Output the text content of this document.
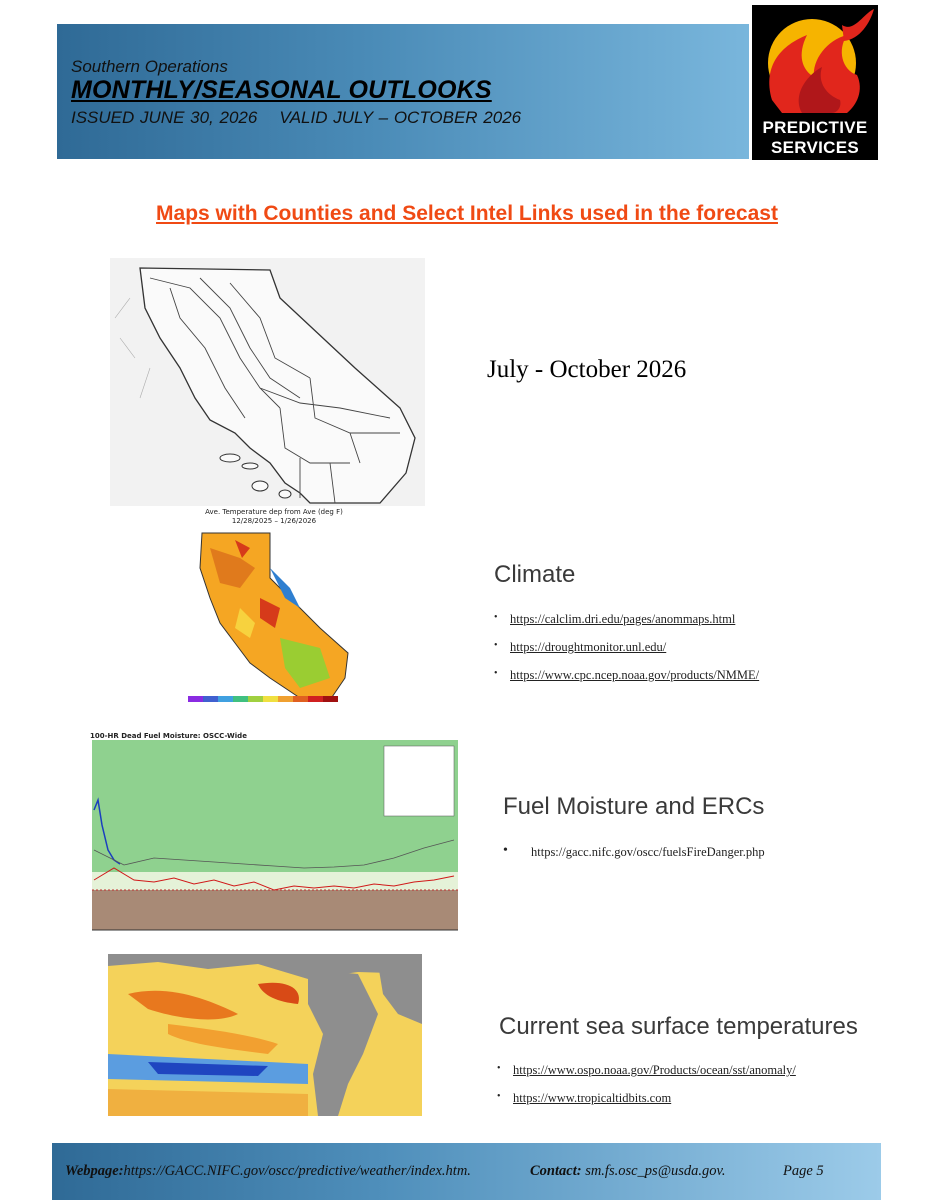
Southern Operations
MONTHLY/SEASONAL OUTLOOKS
ISSUED JUNE 30, 2026 VALID JULY – OCTOBER 2026
PREDICTIVE
SERVICES
Maps with Counties and Select Intel Links used in the forecast
July - October 2026
Ave. Temperature dep from Ave (deg F)
12/28/2025 – 1/26/2026
100-HR Dead Fuel Moisture: OSCC-Wide
Climate
• https://calclim.dri.edu/pages/anommaps.html
• https://droughtmonitor.unl.edu/
• https://www.cpc.ncep.noaa.gov/products/NMME/
Fuel Moisture and ERCs
• https://gacc.nifc.gov/oscc/fuelsFireDanger.php
Current sea surface temperatures
• https://www.ospo.noaa.gov/Products/ocean/sst/anomaly/
• https://www.tropicaltidbits.com
Webpage:https://GACC.NIFC.gov/oscc/predictive/weather/index.htm.	Contact: sm.fs.osc_ps@usda.gov.	Page 5
